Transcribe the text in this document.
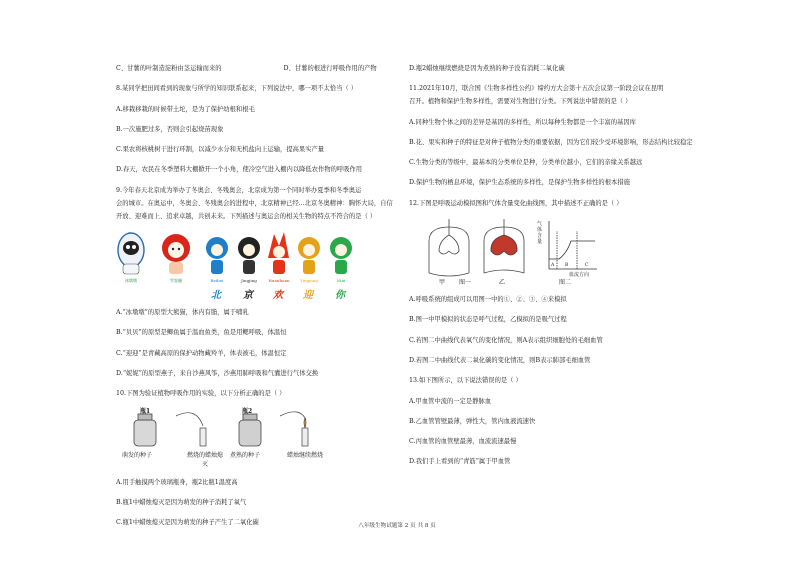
C、甘薯的叶制造淀粉由茎运输而来的	D、甘薯的根进行呼吸作用的产物
8.某同学把田间看到的现象与所学的知识联系起来，下列说法中，哪一项不太恰当（ ）
A.移栽移栽的时候带土坨，是为了保护幼根和根毛
B.一次施肥过多，否则会引起烧苗现象
C.果农将核桃树干进行环割，以减少水分和无机盐向上运输，提高果实产量
D.春天，农民在冬季塑料大棚掀开一个小角，使冷空气进入棚内以降低农作物的呼吸作用
9.今年春天北京成为举办了冬奥会、冬残奥会，北京成为第一个同时举办夏季和冬季奥运
会的城市。在奥运中，冬奥会、冬残奥会的进程中，北京精神已经...北京冬奥精神：胸怀大局，自信
开放、迎难而上、追求卓越，共创未来。下列描述与奥运会的相关生物的特点不符合的是（ ）
冰墩墩	雪容融	Beibei	Jingjing	Huanhuan	Yingying	Nini
北 京 欢 迎 你
A.“冰墩墩”的原型大熊猫，体内有脂，属于哺乳
B.“贝贝”的原型是鲫鱼属于温血鱼类，鱼是用鳃呼吸，体温恒
C.“迎迎”是青藏高原的保护动物藏羚羊，体表被毛，体温恒定
D.“妮妮”的原型燕子，来自沙燕风筝，沙燕用肺呼吸和气囊进行气体交换
10.下图为验证植物呼吸作用的实验，以下分析正确的是（ ）
瓶1	瓶2
萌发的种子	燃烧的蜡烛熄灭
煮熟的种子	蜡烛继续燃烧
A.用手触摸两个玻璃瓶身，瓶2比瓶1温度高
B.瓶1中蜡烛熄灭是因为萌发的种子消耗了氧气
C.瓶1中蜡烛熄灭是因为萌发的种子产生了二氧化碳
D.瓶2蜡烛继续燃烧是因为煮熟的种子没有消耗二氧化碳
11.2021年10月，联合国《生物多样性公约》缔约方大会第十五次会议第一阶段会议在昆明
召开。植物和保护生物多样性，需要对生物进行分类。下列说法中错误的是（ ）
A.同种生物个体之间的差异是基因的多样性，所以每种生物都是一个丰富的基因库
B.花、果实和种子的特征是对种子植物分类的重要依据，因为它们较少受环境影响，形态结构比较稳定
C.生物分类的等级中，最基本的分类单位是种，分类单位越小，它们的亲缘关系越远
D.保护生物的栖息环境，保护生态系统的多样性，是保护生物多样性的根本措施
12.下图是呼吸运动模拟图和气体含量变化曲线图，其中描述不正确的是（ ）
甲 图一	乙	图二
气体含量
血流方向
A B	C
A.呼吸系统的组成可以用图一中的①、②、③、④来模拟
B.图一中甲模拟的状态是呼气过程，乙模拟的是吸气过程
C.若图二中曲线代表氧气的变化情况，则A表示组织细胞处的毛细血管
D.若图二中曲线代表二氧化碳的变化情况，则B表示肺部毛细血管
13.如下图所示，以下说法错误的是（ ）
A.甲血管中流的一定是静脉血
B.乙血管管壁最薄，弹性大，管内血液流速快
C.丙血管的血管壁最薄，血流流速最慢
D.我们手上看到的“青筋”属于甲血管
八年级生物试题第 2 页 共 8 页
